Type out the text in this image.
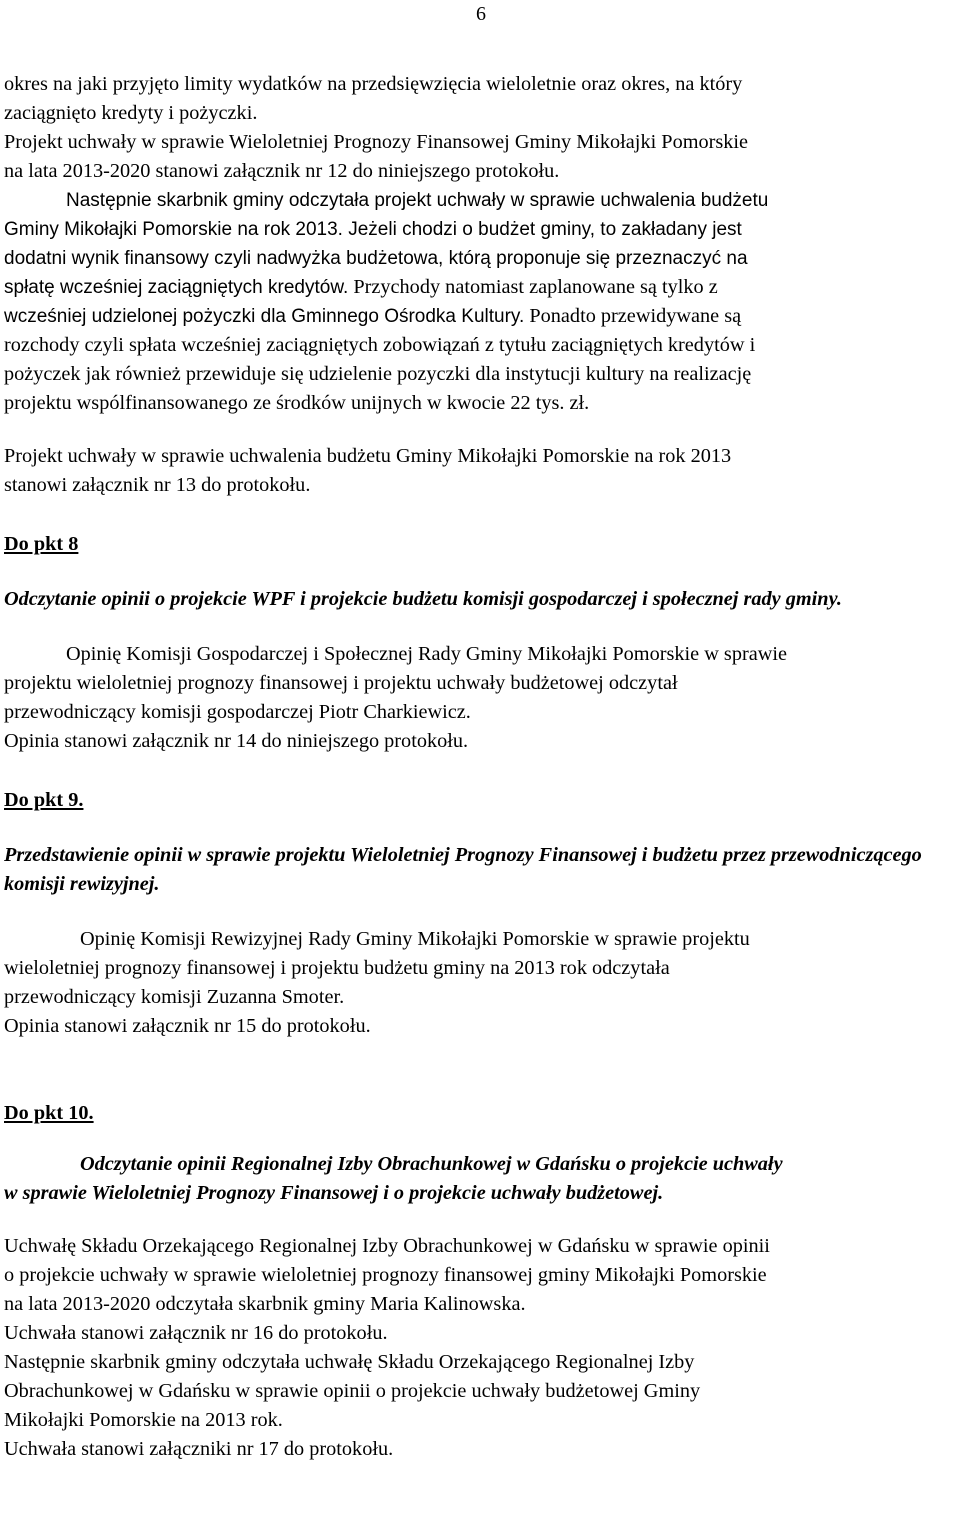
6
okres na jaki przyjęto limity wydatków na przedsięwzięcia wieloletnie oraz okres, na który
zaciągnięto kredyty i pożyczki.
Projekt uchwały w sprawie Wieloletniej Prognozy Finansowej Gminy Mikołajki Pomorskie
na lata 2013-2020 stanowi załącznik nr 12 do niniejszego protokołu.
Następnie skarbnik gminy odczytała projekt uchwały w sprawie uchwalenia budżetu
Gminy Mikołajki Pomorskie na rok 2013. Jeżeli chodzi o budżet gminy, to zakładany jest
dodatni wynik finansowy czyli nadwyżka budżetowa, którą proponuje się przeznaczyć na
spłatę wcześniej zaciągniętych kredytów. Przychody natomiast zaplanowane są tylko z
wcześniej udzielonej pożyczki dla Gminnego Ośrodka Kultury. Ponadto przewidywane są
rozchody czyli spłata wcześniej zaciągniętych zobowiązań z tytułu zaciągniętych kredytów i
pożyczek jak również przewiduje się udzielenie pozyczki dla instytucji kultury na realizację
projektu wspólfinansowanego ze środków unijnych w kwocie 22 tys. zł.
Projekt uchwały w sprawie uchwalenia budżetu Gminy Mikołajki Pomorskie na rok 2013
stanowi załącznik nr 13 do protokołu.
Do pkt 8
Odczytanie opinii o projekcie WPF i projekcie budżetu komisji gospodarczej i społecznej rady gminy.
Opinię Komisji Gospodarczej i Społecznej Rady Gminy Mikołajki Pomorskie w sprawie
projektu wieloletniej prognozy finansowej i projektu uchwały budżetowej odczytał
przewodniczący komisji gospodarczej Piotr Charkiewicz.
Opinia stanowi załącznik nr 14 do niniejszego protokołu.
Do pkt 9.
Przedstawienie opinii w sprawie projektu Wieloletniej Prognozy Finansowej i budżetu przez przewodniczącego komisji rewizyjnej.
Opinię Komisji Rewizyjnej Rady Gminy Mikołajki Pomorskie w sprawie projektu
wieloletniej prognozy finansowej i projektu budżetu gminy na 2013 rok odczytała
przewodniczący komisji Zuzanna Smoter.
Opinia stanowi załącznik nr 15 do protokołu.
Do pkt 10.
Odczytanie opinii Regionalnej Izby Obrachunkowej w Gdańsku o projekcie uchwały
w sprawie Wieloletniej Prognozy Finansowej i o projekcie uchwały budżetowej.
Uchwałę Składu Orzekającego Regionalnej Izby Obrachunkowej w Gdańsku w sprawie opinii
o projekcie uchwały w sprawie wieloletniej prognozy finansowej gminy Mikołajki Pomorskie
na lata 2013-2020 odczytała skarbnik gminy Maria Kalinowska.
Uchwała stanowi załącznik nr 16 do protokołu.
Następnie skarbnik gminy odczytała uchwałę Składu Orzekającego Regionalnej Izby
Obrachunkowej w Gdańsku w sprawie opinii o projekcie uchwały budżetowej Gminy
Mikołajki Pomorskie na 2013 rok.
Uchwała stanowi załączniki nr 17 do protokołu.
